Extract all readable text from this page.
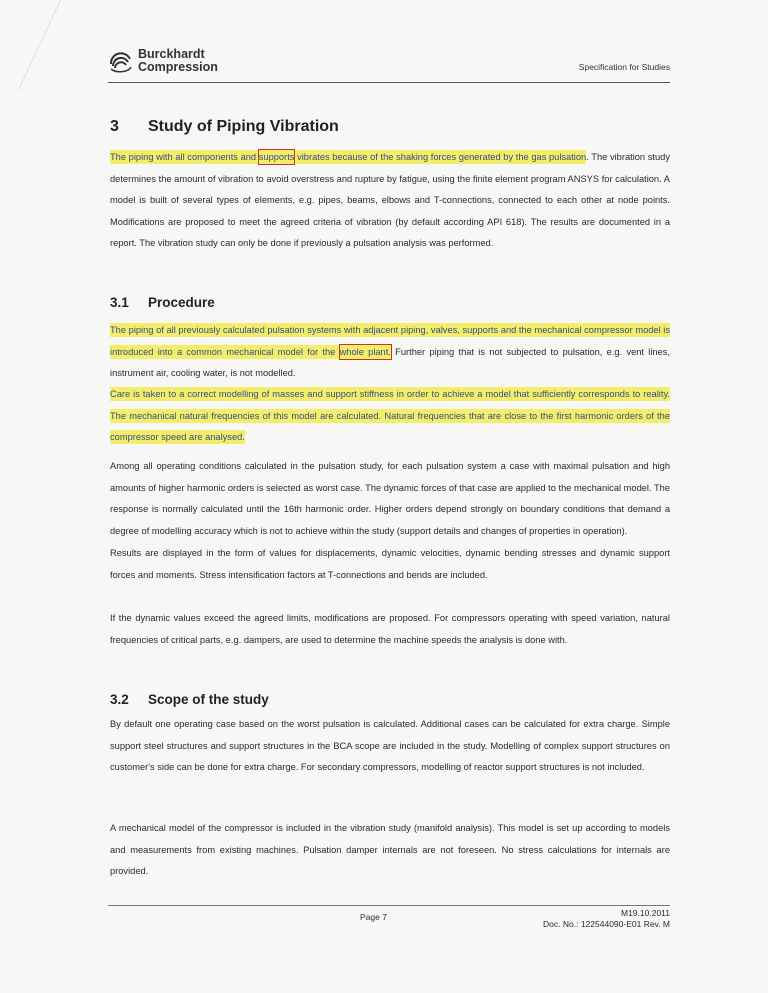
Burckhardt
Compression	Specification for Studies
3 Study of Piping Vibration
The piping with all components and supports vibrates because of the shaking forces generated by the gas pulsation. The vibration study determines the amount of vibration to avoid overstress and rupture by fatigue, using the finite element program ANSYS for calculation. A model is built of several types of elements, e.g. pipes, beams, elbows and T-connections, connected to each other at node points. Modifications are proposed to meet the agreed criteria of vibration (by default according API 618). The results are documented in a report. The vibration study can only be done if previously a pulsation analysis was performed.
3.1 Procedure
The piping of all previously calculated pulsation systems with adjacent piping, valves, supports and the mechanical compressor model is introduced into a common mechanical model for the whole plant. Further piping that is not subjected to pulsation, e.g. vent lines, instrument air, cooling water, is not modelled.
Care is taken to a correct modelling of masses and support stiffness in order to achieve a model that sufficiently corresponds to reality. The mechanical natural frequencies of this model are calculated. Natural frequencies that are close to the first harmonic orders of the compressor speed are analysed.
Among all operating conditions calculated in the pulsation study, for each pulsation system a case with maximal pulsation and high amounts of higher harmonic orders is selected as worst case. The dynamic forces of that case are applied to the mechanical model. The response is normally calculated until the 16th harmonic order. Higher orders depend strongly on boundary conditions that demand a degree of modelling accuracy which is not to achieve within the study (support details and changes of properties in operation).
Results are displayed in the form of values for displacements, dynamic velocities, dynamic bending stresses and dynamic support forces and moments. Stress intensification factors at T-connections and bends are included.
If the dynamic values exceed the agreed limits, modifications are proposed. For compressors operating with speed variation, natural frequencies of critical parts, e.g. dampers, are used to determine the machine speeds the analysis is done with.
3.2 Scope of the study
By default one operating case based on the worst pulsation is calculated. Additional cases can be calculated for extra charge. Simple support steel structures and support structures in the BCA scope are included in the study. Modelling of complex support structures on customer's side can be done for extra charge. For secondary compressors, modelling of reactor support structures is not included.
A mechanical model of the compressor is included in the vibration study (manifold analysis). This model is set up according to models and measurements from existing machines. Pulsation damper internals are not foreseen. No stress calculations for internals are provided.
Page 7	M19.10.2011
Doc. No.: 122544090-E01 Rev. M
